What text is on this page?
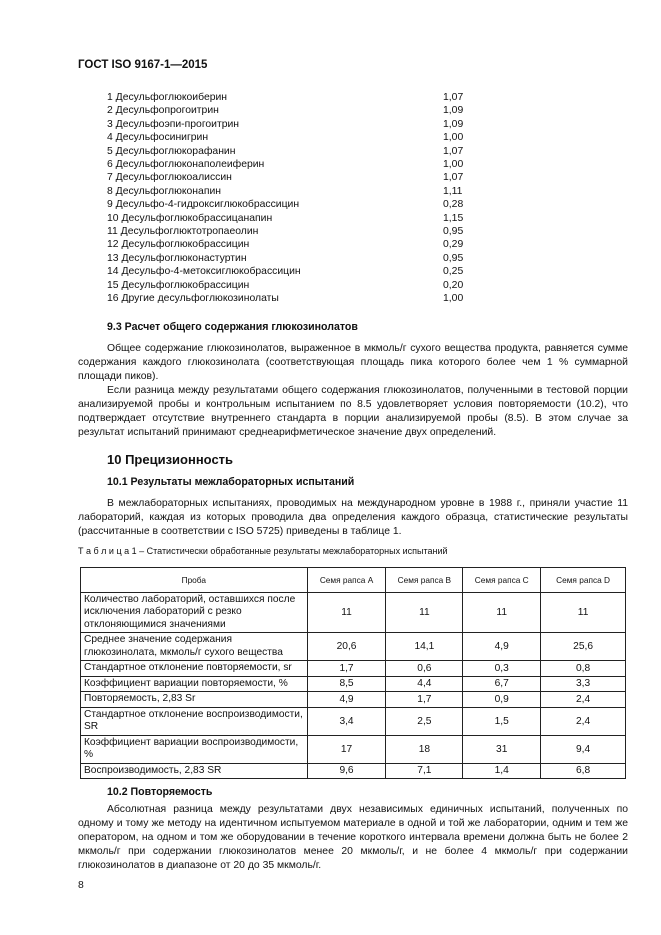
ГОСТ ISO 9167-1—2015
1 Десульфоглюкоиберин	1,07
2 Десульфопрогоитрин	1,09
3 Десульфоэпи-прогоитрин	1,09
4 Десульфосинигрин	1,00
5 Десульфоглюкорафанин	1,07
6 Десульфоглюконаполеиферин	1,00
7 Десульфоглюкоалиссин	1,07
8 Десульфоглюконапин	1,11
9 Десульфо-4-гидроксиглюкобрассицин	0,28
10 Десульфоглюкобрассицанапин	1,15
11 Десульфоглюктотропаеолин	0,95
12 Десульфоглюкобрассицин	0,29
13 Десульфоглюконастуртин	0,95
14 Десульфо-4-метоксиглюкобрассицин	0,25
15 Десульфоглюкобрассицин	0,20
16 Другие десульфоглюкозинолаты	1,00
9.3 Расчет общего содержания глюкозинолатов
Общее содержание глюкозинолатов, выраженное в мкмоль/г сухого вещества продукта, равняется сумме содержания каждого глюкозинолата (соответствующая площадь пика которого более чем 1 % суммарной площади пиков).
Если разница между результатами общего содержания глюкозинолатов, полученными в тестовой порции анализируемой пробы и контрольным испытанием по 8.5 удовлетворяет условия повторяемости (10.2), что подтверждает отсутствие внутреннего стандарта в порции анализируемой пробы (8.5). В этом случае за результат испытаний принимают среднеарифметическое значение двух определений.
10 Прецизионность
10.1 Результаты межлабораторных испытаний
В межлабораторных испытаниях, проводимых на международном уровне в 1988 г., приняли участие 11 лабораторий, каждая из которых проводила два определения каждого образца, статистические результаты (рассчитанные в соответствии с ISO 5725) приведены в таблице 1.
Т а б л и ц а 1 – Статистически обработанные результаты межлабораторных испытаний
Проба	Семя рапса A	Семя рапса B	Семя рапса C	Семя рапса D
Количество лабораторий, оставшихся после исключения лабораторий с резко отклоняющимися значениями	11	11	11	11
Среднее значение содержания глюкозинолата, мкмоль/г сухого вещества	20,6	14,1	4,9	25,6
Стандартное отклонение повторяемости, sr	1,7	0,6	0,3	0,8
Коэффициент вариации повторяемости, %	8,5	4,4	6,7	3,3
Повторяемость, 2,83 Sr	4,9	1,7	0,9	2,4
Стандартное отклонение воспроизводимости, SR	3,4	2,5	1,5	2,4
Коэффициент вариации воспроизводимости, %	17	18	31	9,4
Воспроизводимость, 2,83 SR	9,6	7,1	1,4	6,8
10.2 Повторяемость
Абсолютная разница между результатами двух независимых единичных испытаний, полученных по одному и тому же методу на идентичном испытуемом материале в одной и той же лаборатории, одним и тем же оператором, на одном и том же оборудовании в течение короткого интервала времени должна быть не более 2 мкмоль/г при содержании глюкозинолатов менее 20 мкмоль/г, и не более 4 мкмоль/г при содержании глюкозинолатов в диапазоне от 20 до 35 мкмоль/г.
8
